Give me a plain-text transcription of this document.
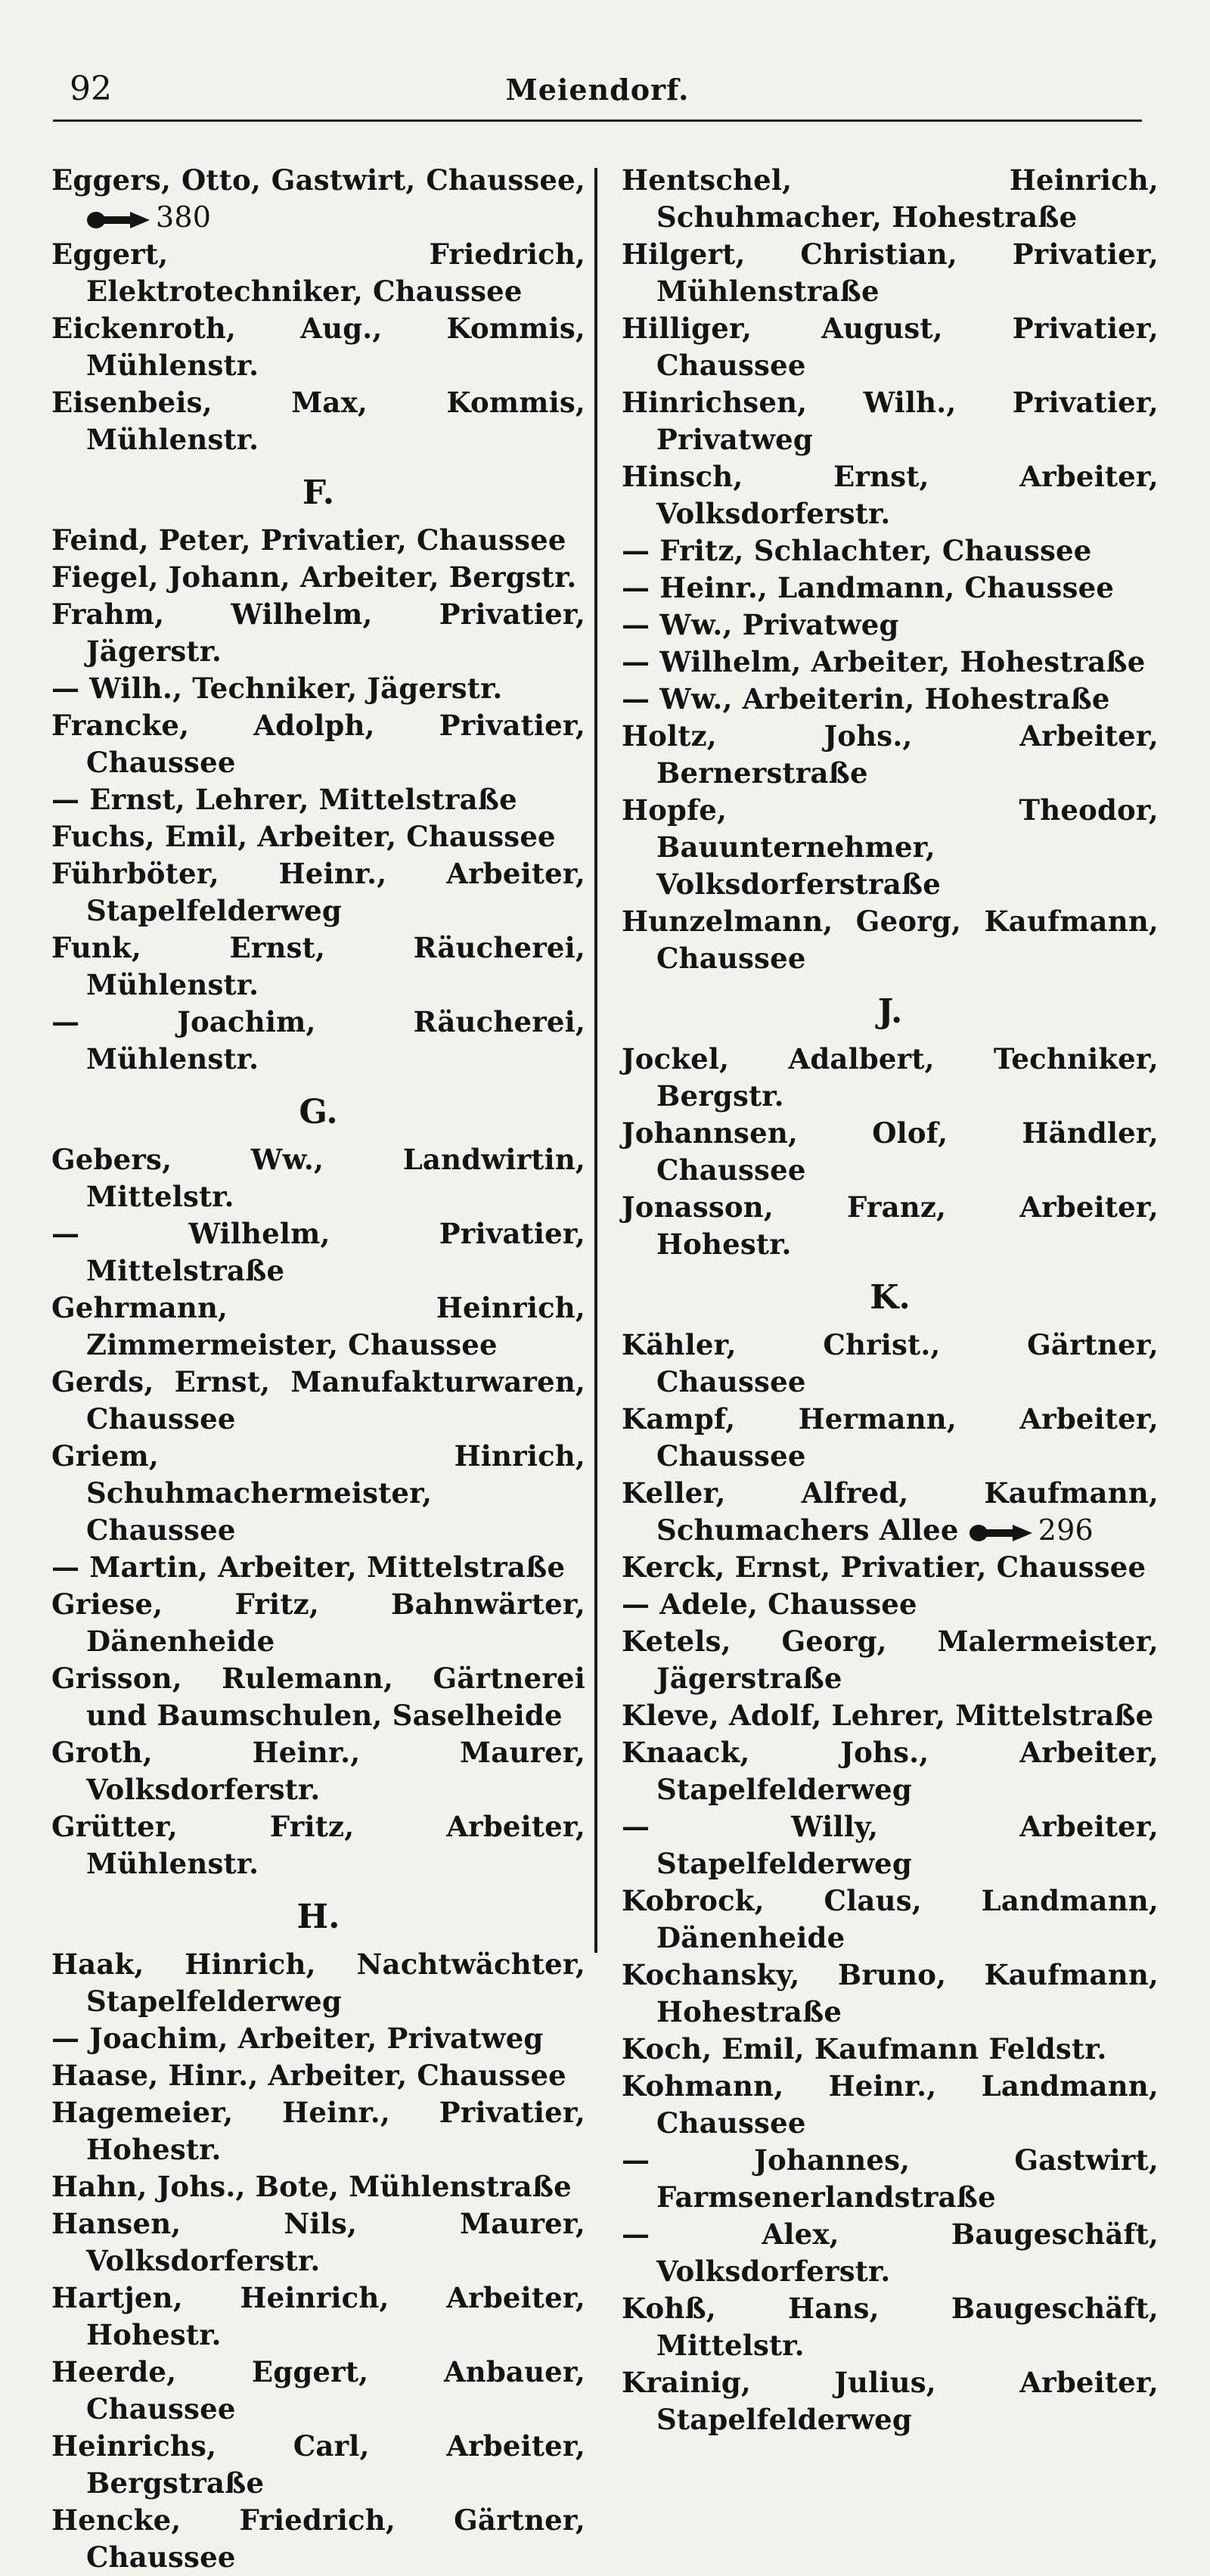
92	Meiendorf.
Eggers, Otto, Gastwirt, Chaussee, 380
Eggert, Friedrich, Elektrotechniker, Chaussee
Eickenroth, Aug., Kommis, Mühlenstr.
Eisenbeis, Max, Kommis, Mühlenstr.
F.
Feind, Peter, Privatier, Chaussee
Fiegel, Johann, Arbeiter, Bergstr.
Frahm, Wilhelm, Privatier, Jägerstr.
— Wilh., Techniker, Jägerstr.
Francke, Adolph, Privatier, Chaussee
— Ernst, Lehrer, Mittelstraße
Fuchs, Emil, Arbeiter, Chaussee
Führböter, Heinr., Arbeiter, Stapelfelderweg
Funk, Ernst, Räucherei, Mühlenstr.
— Joachim, Räucherei, Mühlenstr.
G.
Gebers, Ww., Landwirtin, Mittelstr.
— Wilhelm, Privatier, Mittelstraße
Gehrmann, Heinrich, Zimmermeister, Chaussee
Gerds, Ernst, Manufakturwaren, Chaussee
Griem, Hinrich, Schuhmachermeister, Chaussee
— Martin, Arbeiter, Mittelstraße
Griese, Fritz, Bahnwärter, Dänenheide
Grisson, Rulemann, Gärtnerei und Baumschulen, Saselheide
Groth, Heinr., Maurer, Volksdorferstr.
Grütter, Fritz, Arbeiter, Mühlenstr.
H.
Haak, Hinrich, Nachtwächter, Stapelfelderweg
— Joachim, Arbeiter, Privatweg
Haase, Hinr., Arbeiter, Chaussee
Hagemeier, Heinr., Privatier, Hohestr.
Hahn, Johs., Bote, Mühlenstraße
Hansen, Nils, Maurer, Volksdorferstr.
Hartjen, Heinrich, Arbeiter, Hohestr.
Heerde, Eggert, Anbauer, Chaussee
Heinrichs, Carl, Arbeiter, Bergstraße
Hencke, Friedrich, Gärtner, Chaussee
Hentschel, Heinrich, Schuhmacher, Hohestraße
Hilgert, Christian, Privatier, Mühlenstraße
Hilliger, August, Privatier, Chaussee
Hinrichsen, Wilh., Privatier, Privatweg
Hinsch, Ernst, Arbeiter, Volksdorferstr.
— Fritz, Schlachter, Chaussee
— Heinr., Landmann, Chaussee
— Ww., Privatweg
— Wilhelm, Arbeiter, Hohestraße
— Ww., Arbeiterin, Hohestraße
Holtz, Johs., Arbeiter, Bernerstraße
Hopfe, Theodor, Bauunternehmer, Volksdorferstraße
Hunzelmann, Georg, Kaufmann, Chaussee
J.
Jockel, Adalbert, Techniker, Bergstr.
Johannsen, Olof, Händler, Chaussee
Jonasson, Franz, Arbeiter, Hohestr.
K.
Kähler, Christ., Gärtner, Chaussee
Kampf, Hermann, Arbeiter, Chaussee
Keller, Alfred, Kaufmann, Schumachers Allee	296
Kerck, Ernst, Privatier, Chaussee
— Adele, Chaussee
Ketels, Georg, Malermeister, Jägerstraße
Kleve, Adolf, Lehrer, Mittelstraße
Knaack, Johs., Arbeiter, Stapelfelderweg
— Willy, Arbeiter, Stapelfelderweg
Kobrock, Claus, Landmann, Dänenheide
Kochansky, Bruno, Kaufmann, Hohestraße
Koch, Emil, Kaufmann Feldstr.
Kohmann, Heinr., Landmann, Chaussee
— Johannes, Gastwirt, Farmsenerlandstraße
— Alex, Baugeschäft, Volksdorferstr.
Kohß, Hans, Baugeschäft, Mittelstr.
Krainig, Julius, Arbeiter, Stapelfelderweg
